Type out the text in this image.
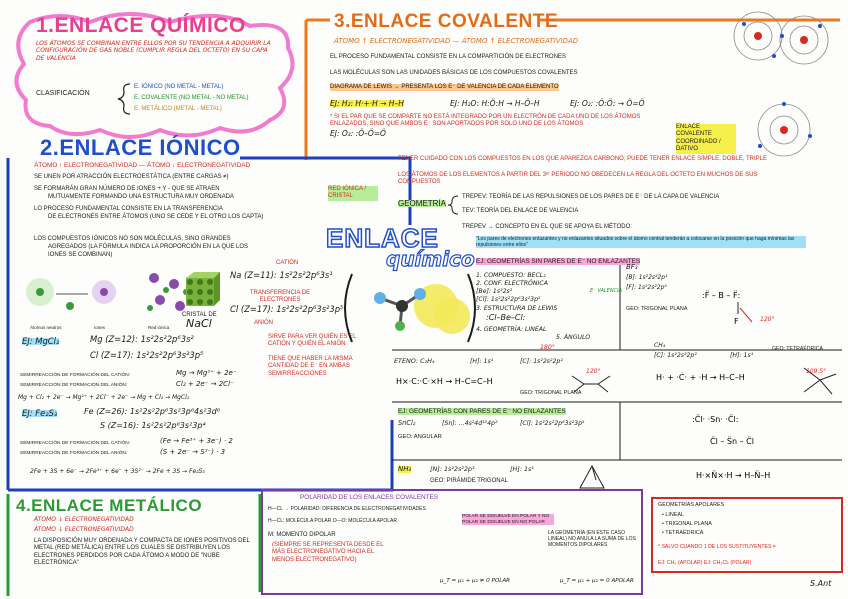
1.ENLACE QUÍMICO
LOS ÁTOMOS SE COMBINAN ENTRE ELLOS POR SU TENDENCIA A ADQUIRIR LA CONFIGURACIÓN DE GAS NOBLE (CUMPLIR REGLA DEL OCTETO) EN SU CAPA DE VALENCIA
CLASIFICACIÓN
E. IÓNICO (NO METAL - METAL)
E. COVALENTE (NO METAL - NO METAL)
E. METÁLICO (METAL - METAL)
2.ENLACE IÓNICO
ÁTOMO ↑ ELECTRONEGATIVIDAD — ÁTOMO ↓ ELECTRONEGATIVIDAD
SE UNEN POR ATRACCIÓN ELECTROESTÁTICA (ENTRE CARGAS ≠)
SE FORMARÁN GRAN NÚMERO DE IONES + Y - QUE SE ATRAEN
MUTUAMENTE FORMANDO UNA ESTRUCTURA MUY ORDENADA
RED IÓNICA / CRISTAL
LO PROCESO FUNDAMENTAL CONSISTE EN LA TRANSFERENCIA
DE ELECTRONES ENTRE ÁTOMOS (UNO SE CEDE Y EL OTRO LOS CAPTA)
LOS COMPUESTOS IÓNICOS NO SON MOLÉCULAS, SINO GRANDES
AGREGADOS (LA FÓRMULA INDICA LA PROPORCIÓN EN LA QUE LOS
IONES SE COMBINAN)
Átomos neutros	Iones	Red iónica
CRISTAL DE
NaCl
CATIÓN
Na (Z=11): 1s²2s²2p⁶3s¹
TRANSFERENCIA DE ELECTRONES
Cl (Z=17): 1s²2s²2p⁶3s²3p⁵
ANIÓN
EJ: MgCl₂	Mg (Z=12): 1s²2s²2p⁶3s²
Cl (Z=17): 1s²2s²2p⁶3s²3p⁵
SIRVE PARA VER QUIÉN ES EL CATIÓN Y QUIÉN EL ANIÓN
TIENE QUE HABER LA MISMA CANTIDAD DE E⁻ EN AMBAS SEMIRREACCIONES
SEMIRREACCIÓN DE FORMACIÓN DEL CATIÓN:
SEMIRREACCIÓN DE FORMACIÓN DEL ANIÓN:
Mg → Mg²⁺ + 2e⁻
Cl₂ + 2e⁻ → 2Cl⁻
Mg + Cl₂ + 2e⁻ → Mg²⁺ + 2Cl⁻ + 2e⁻ → Mg + Cl₂ → MgCl₂
EJ: Fe₂S₃	Fe (Z=26): 1s²2s²2p⁶3s²3p⁶4s²3d⁶
S (Z=16): 1s²2s²2p⁶3s²3p⁴
SEMIRREACCIÓN DE FORMACIÓN DEL CATIÓN:
SEMIRREACCIÓN DE FORMACIÓN DEL ANIÓN:
(Fe → Fe³⁺ + 3e⁻) · 2
(S + 2e⁻ → S²⁻) · 3
2Fe + 3S + 6e⁻ → 2Fe³⁺ + 6e⁻ + 3S²⁻ → 2Fe + 3S → Fe₂S₃
3.ENLACE COVALENTE
ÁTOMO ↑ ELECTRONEGATIVIDAD — ÁTOMO ↑ ELECTRONEGATIVIDAD
EL PROCESO FUNDAMENTAL CONSISTE EN LA COMPARTICIÓN DE ELECTRONES
LAS MOLÉCULAS SON LAS UNIDADES BÁSICAS DE LOS COMPUESTOS COVALENTES
DIAGRAMA DE LEWIS → PRESENTA LOS E⁻ DE VALENCIA DE CADA ELEMENTO
EJ: H₂: H·+·H → H–H	EJ: H₂O: H:Ö:H → H–Ö–H	EJ: O₂: :Ö:Ö: → Ö=Ö
* SI EL PAR QUE SE COMPARTE NO ESTÁ INTEGRADO POR UN ELECTRÓN DE CADA UNO DE LOS ÁTOMOS ENLAZADOS, SINO QUE AMBOS E⁻ SON APORTADOS POR SOLO UNO DE LOS ÁTOMOS
EJ: O₃: :Ö–Ö=Ö
ENLACE COVALENTE COORDINADO / DATIVO
TENER CUIDADO CON LOS COMPUESTOS EN LOS QUE APAREZCA CARBONO; PUEDE TENER ENLACE SIMPLE, DOBLE, TRIPLE
LOS ÁTOMOS DE LOS ELEMENTOS A PARTIR DEL 3ᵉʳ PERIODO NO OBEDECEN LA REGLA DEL OCTETO EN MUCHOS DE SUS COMPUESTOS
GEOMETRÍA
TREPEV: TEORÍA DE LAS REPULSIONES DE LOS PARES DE E⁻ DE LA CAPA DE VALENCIA
TEV: TEORÍA DEL ENLACE DE VALENCIA
TREPEV → CONCEPTO EN EL QUE SE APOYA EL MÉTODO:
"Los pares de electrones enlazantes y no enlazantes situados sobre el átomo central tenderán a colocarse en la posición que haga mínimas las repulsiones entre ellos"
EJ: GEOMETRÍAS SIN PARES DE E⁻ NO ENLAZANTES
1. COMPUESTO: BECL₂
2. CONF. ELECTRÓNICA
[Be]: 1s²2s²
[Cl]: 1s²2s²2p⁶3s²3p⁵
E⁻ VALENCIA
3. ESTRUCTURA DE LEWIS
:Cl–Be–Cl:
4. GEOMETRÍA: LINEAL
5. ÁNGULO
180°
BF₃
[B]: 1s²2s²2p¹
[F]: 1s²2s²2p⁵
GEO: TRIGONAL PLANA
120°
:F̈ – B – F̈:
F
CH₄
[C]: 1s²2s²2p²	[H]: 1s¹
GEO: TETRAÉDRICA
109,5°
H· + ·Ċ· + ·H → H–C–H
ETENO: C₂H₄	[H]: 1s¹	[C]: 1s²2s²2p²
120°
H×·C:·C·×H → H–C=C–H
GEO: TRIGONAL PLANA
EJ: GEOMETRÍAS CON PARES DE E⁻ NO ENLAZANTES
SnCl₂	[Sn]: ...4s²4d¹⁰4p²	[Cl]: 1s²2s²2p⁶3s²3p⁵
GEO: ANGULAR
:C̈l· ·Sn· ·C̈l:
C̈l – S̈n – C̈l
NH₃	[N]: 1s²2s²2p³	[H]: 1s¹
GEO: PIRÁMIDE TRIGONAL
H·×N̈×·H → H–N̈–H
POLARIDAD DE LOS ENLACES COVALENTES
H—CL → POLARIDAD: DIFERENCIA DE ELECTRONEGATIVIDADES
H—CL: MOLÉCULA POLAR O—O: MOLÉCULA APOLAR
POLAR SE DISUELVE EN POLAR Y NO POLAR SE DISUELVE EN NO POLAR
Μ: MOMENTO DIPOLAR
(SIEMPRE SE REPRESENTA DESDE EL MÁS ELECTRONEGATIVO HACIA EL MENOS ELECTRONEGATIVO)
LA GEOMETRÍA (EN ESTE CASO LINEAL) NO ANULA LA SUMA DE LOS MOMENTOS DIPOLARES
μ_T = μ₁ + μ₂ ≠ 0 POLAR	μ_T = μ₁ + μ₂ = 0 APOLAR
GEOMETRÍAS APOLARES
• LINEAL
• TRIGONAL PLANA
• TETRAÉDRICA
* SALVO CUANDO 1 DE LOS SUSTITUYENTES ≠
EJ: CH₄ (APOLAR) EJ: CH₃CL (POLAR)
ENLACE
químico
4.ENLACE METÁLICO
ÁTOMO ↓ ELECTRONEGATIVIDAD
ÁTOMO ↓ ELECTRONEGATIVIDAD
LA DISPOSICIÓN MUY ORDENADA Y COMPACTA DE IONES POSITIVOS DEL METAL (RED METÁLICA) ENTRE LOS CUALES SE DISTRIBUYEN LOS ELECTRONES PERDIDOS POR CADA ÁTOMO A MODO DE "NUBE ELECTRÓNICA"
S.Ant
